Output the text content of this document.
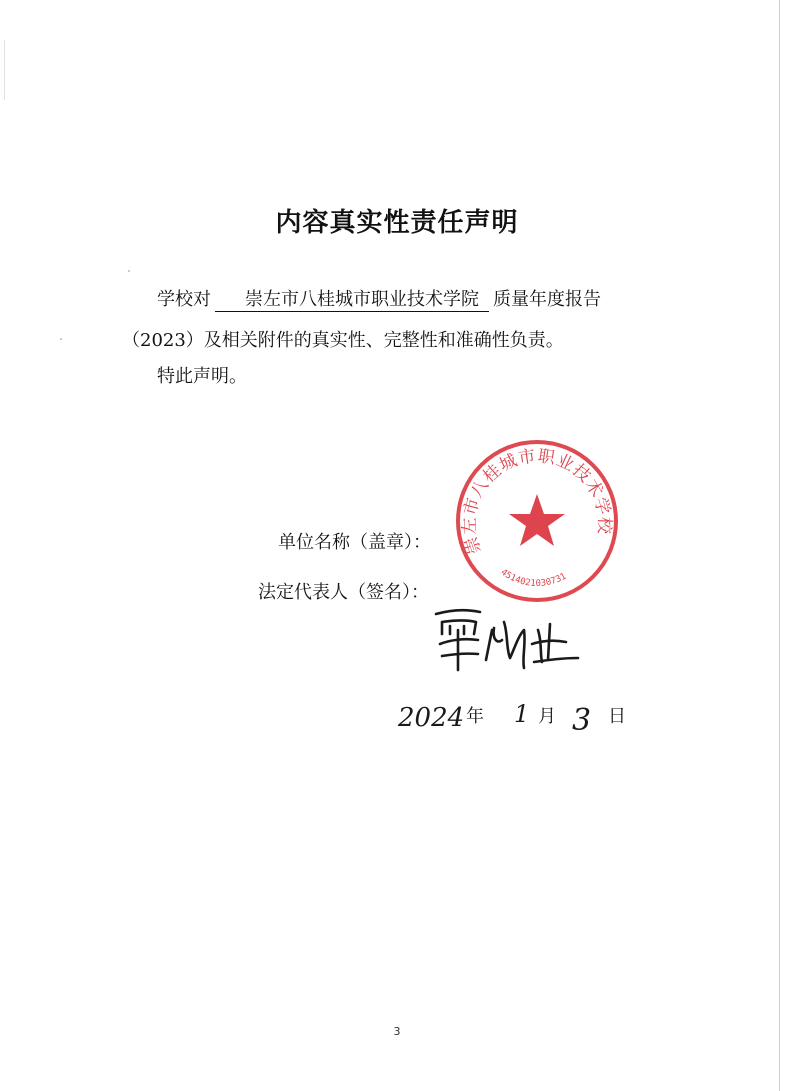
内容真实性责任声明
学校对 崇左市八桂城市职业技术学院 质量年度报告
（2023）及相关附件的真实性、完整性和准确性负责。
特此声明。
单位名称（盖章）：
法定代表人（签名）：
崇左市八桂城市职业技术学校
4514021030731
2024 年 1 月 3 日
3
